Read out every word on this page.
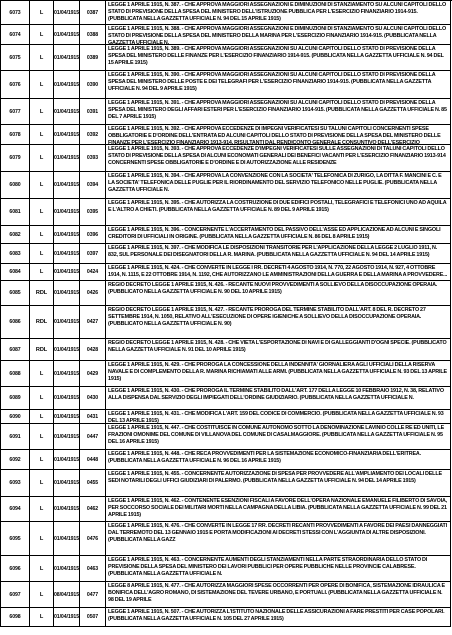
6073	L 01/04/1915 0387
LEGGE 1 APRILE 1915, N. 387. - CHE APPROVA MAGGIORI ASSEGNAZIONI E DIMINUZIONI DI STANZIAMENTO SU ALCUNI CAPITOLI DELLO STATO DI PREVISIONE DELLA SPESA DEL MINISTERO DELL'ISTRUZIONE PUBBLICA PER L'ESERCIZIO FINANZIARIO 1914-915. (PUBBLICATA NELLA GAZZETTA UFFICIALE N. 94 DEL 15 APRILE 1915)
6074	L 01/04/1915 0388
LEGGE 1 APRILE 1915, N. 388. - CHE APPROVA MAGGIORI ASSEGNAZIONI E DIMINUZIONI DI STANZIAMENTO SU ALCUNI CAPITOLI DELLO STATO DI PREVISIONE DELLA SPESA DEL MINISTERO DELLA MARINA PER L'ESERCIZIO FINANZIARIO 1914-915. (PUBBLICATA NELLA GAZZETTA UFFICIALE N.
6075	L 01/04/1915 0389
LEGGE 1 APRILE 1915, N. 389. - CHE APPROVA MAGGIORI ASSEGNAZIONI SU ALCUNI CAPITOLI DELLO STATO DI PREVISIONE DELLA SPESA DEL MINISTERO DELLE FINANZE PER L'ESERCIZIO FINANZIARIO 1914-915. (PUBBLICATA NELLA GAZZETTA UFFICIALE N. 94 DEL 15 APRILE 1915)
6076	L 01/04/1915 0390
LEGGE 1 APRILE 1915, N. 390. - CHE APPROVA MAGGIORI ASSEGNAZIONI SU ALCUNI CAPITOLI DELLO STATO DI PREVISIONE DELLA SPESA DEL MINISTERO DELLE POSTE E DEI TELEGRAFI PER L'ESERCIZIO FINANZIARIO 1914-915. (PUBBLICATA NELLA GAZZETTA UFFICIALE N. 94 DEL 9 APRILE 1915)
6077	L 01/04/1915 0391
LEGGE 1 APRILE 1915, N. 391. - CHE APPROVA MAGGIORI ASSEGNAZIONI SU ALCUNI CAPITOLI DELLO STATO DI PREVISIONE DELLA SPESA DEL MINISTERO DEGLI AFFARI ESTERI PER L'ESERCIZIO FINANZIARIO 1914-915. (PUBBLICATA NELLA GAZZETTA UFFICIALE N. 85 DEL 7 APRILE 1915)
6078	L 01/04/1915 0392
LEGGE 1 APRILE 1915, N. 392. - CHE APPROVA ECCEDENZE DI IMPEGNI VERIFICATESI SU TALUNI CAPITOLI CONCERNENTI SPESE OBBLIGATORIE E D'ORDINE DELL'ENTRATA ED ALCUNI CAPITOLI DELLO STATO DI PREVISIONE DELLA SPESA DEL MINISTERO DELLE FINANZE PER L'ESERCIZIO FINANZIARIO 1913-914, RISULTANTI DAL RENDICONTO GENERALE CONSUNTIVO DELL'ESERCIZIO
6079	L 01/04/1915 0393
LEGGE 1 APRILE 1915, N. 393. - CHE APPROVA ECCEDENZE D'IMPEGNI VERIFICATESI SULLE ASSEGNAZIONI DI TALUNI CAPITOLI DELLO STATO DI PREVISIONE DELLA SPESA DI ALCUNI ECONOMATI GENERALI DEI BENEFICI VACANTI PER L'ESERCIZIO FINANZIARIO 1913-914 CONCERNENTI SPESE OBBLIGATORIE E D'ORDINE E DI AUTORIZZAZIONE ALLE RESIDENZE
6080	L 01/04/1915 0394
LEGGE 1 APRILE 1915, N. 394. - CHE APPROVA LA CONVENZIONE CON LA SOCIETA' TELEFONICA DI ZURIGO, LA DITTA F. MANCINI E C. E LA SOCIETA' TELEFONICA DELLE PUGLIE PER IL RIORDINAMENTO DEL SERVIZIO TELEFONICO NELLE PUGLIE. (PUBBLICATA NELLA GAZZETTA UFFICIALE N.
6081	L 01/04/1915 0395
LEGGE 1 APRILE 1915, N. 395. - CHE AUTORIZZA LA COSTRUZIONE DI DUE EDIFICI POSTALI, TELEGRAFICI E TELEFONICI UNO AD AQUILA E L'ALTRO A CHIETI. (PUBBLICATA NELLA GAZZETTA UFFICIALE N. 89 DEL 9 APRILE 1915)
6082	L 01/04/1915 0396
LEGGE 1 APRILE 1915, N. 396. - CONCERNENTE L'ACCERTAMENTO DEL PASSIVO DELL'ASSE ED APPLICAZIONE AD ALCUNI E SINGOLI CREDITORI DI UFFICIALI IN ORIGINE. (PUBBLICATA NELLA GAZZETTA UFFICIALE N. 86 DEL 8 APRILE 1915)
6083	L 01/04/1915 0397
LEGGE 1 APRILE 1915, N. 397. - CHE MODIFICA LE DISPOSIZIONI TRANSITORIE PER L'APPLICAZIONE DELLA LEGGE 2 LUGLIO 1911, N. 832, SUL PERSONALE DEI DISEGNATORI DELLA R. MARINA. (PUBBLICATA NELLA GAZZETTA UFFICIALE N. 94 DEL 14 APRILE 1915)
6084	L 01/04/1915 0424
LEGGE 1 APRILE 1915, N. 424. - CHE CONVERTE IN LEGGE I RR. DECRETI 4 AGOSTO 1914, N. 770, 22 AGOSTO 1914, N. 927, 4 OTTOBRE 1914, N. 1115, E 22 OTTOBRE 1914, N. 1192, CHE AUTORIZZANO LE AMMINISTRAZIONI DELLA GUERRA E DELLA MARINA A PROVVEDERE...
6085	RDL 01/04/1915 0426
REGIO DECRETO LEGGE 1 APRILE 1915, N. 426. - RECANTE NUOVI PROVVEDIMENTI A SOLLIEVO DELLA DISOCCUPAZIONE OPERAIA. (PUBBLICATO NELLA GAZZETTA UFFICIALE N. 90 DEL 10 APRILE 1915)
6086	RDL 01/04/1915 0427
REGIO DECRETO LEGGE 1 APRILE 1915, N. 427. - RECANTE PROROGA DEL TERMINE STABILITO DALL'ART. 8 DEL R. DECRETO 27 SETTEMBRE 1914, N. 1050, RELATIVO ALL'ESECUZIONE DI OPERE IGIENICHE A SOLLIEVO DELLA DISOCCUPAZIONE OPERAIA. (PUBBLICATO NELLA GAZZETTA UFFICIALE N. 90)
6087	RDL 01/04/1915 0428
REGIO DECRETO LEGGE 1 APRILE 1915, N. 428. - CHE VIETA L'ESPORTAZIONE DI NAVI E DI GALLEGGIANTI D'OGNI SPECIE. (PUBBLICATO NELLA GAZZETTA UFFICIALE N. 91 DEL 10 APRILE 1915)
6088	L 01/04/1915 0429
LEGGE 1 APRILE 1915, N. 429. - CHE PROROGA LA CONCESSIONE DELLA INDENNITA' GIORNALIERA AGLI UFFICIALI DELLA RISERVA NAVALE E DI COMPLEMENTO DELLA R. MARINA RICHIAMATI ALLE ARMI. (PUBBLICATA NELLA GAZZETTA UFFICIALE N. 93 DEL 13 APRILE 1915)
6089	L 01/04/1915 0430
LEGGE 1 APRILE 1915, N. 430. - CHE PROROGA IL TERMINE STABILITO DALL'ART. 177 DELLA LEGGE 10 FEBBRAIO 1912, N. 38, RELATIVO ALLA DISPENSA DAL SERVIZIO DEGLI IMPIEGATI DELL'ORDINE GIUDIZIARIO. (PUBBLICATA NELLA GAZZETTA UFFICIALE N.
6090	L 01/04/1915 0431	LEGGE 1 APRILE 1915, N. 431. - CHE MODIFICA L'ART. 159 DEL CODICE DI COMMERCIO. (PUBBLICATA NELLA GAZZETTA UFFICIALE N. 93 DEL 13 APRILE 1915)
6091	L 01/04/1915 0447
LEGGE 1 APRILE 1915, N. 447. - CHE COSTITUISCE IN COMUNE AUTONOMO SOTTO LA DENOMINAZIONE LAVINIO COLLE RE ED UNITI, LE FRAZIONI OMONIME DEL COMUNE DI VILLANOVA DEL COMUNE DI CASALMAGGIORE. (PUBBLICATA NELLA GAZZETTA UFFICIALE N. 95 DEL 16 APRILE 1915)
6092	L 01/04/1915 0448
LEGGE 1 APRILE 1915, N. 448. - CHE RECA PROVVEDIMENTI PER LA SISTEMAZIONE ECONOMICO-FINANZIARIA DELL'ERITREA. (PUBBLICATA NELLA GAZZETTA UFFICIALE N. 96 DEL 16 APRILE 1915)
6093	L 01/04/1915 0455
LEGGE 1 APRILE 1915, N. 455. - CONCERNENTE AUTORIZZAZIONE DI SPESA PER PROVVEDERE ALL'AMPLIAMENTO DEI LOCALI DELLE SEDI NOTARILI DEGLI UFFICI GIUDIZIARI DI PALERMO. (PUBBLICATA NELLA GAZZETTA UFFICIALE N. 94 DEL 14 APRILE 1915)
6094	L 01/04/1915 0462
LEGGE 1 APRILE 1915, N. 462. - CONTENENTE ESENZIONI FISCALI A FAVORE DELL'OPERA NAZIONALE EMANUELE FILIBERTO DI SAVOIA, PER SOCCORSO SOCIALE DEI MILITARI MORTI NELLA CAMPAGNA DELLA LIBIA. (PUBBLICATA NELLA GAZZETTA UFFICIALE N. 99 DEL 21 APRILE 1915)
6095	L 01/04/1915 0476
LEGGE 1 APRILE 1915, N. 476. - CHE CONVERTE IN LEGGE 17 RR. DECRETI RECANTI PROVVEDIMENTI A FAVORE DEI PAESI DANNEGGIATI DAL TERREMOTO DEL 13 GENNAIO 1915 E PORTA MODIFICAZIONI AI DECRETI STESSI CON L'AGGIUNTA DI ALTRE DISPOSIZIONI. (PUBBLICATA NELLA GAZZ
6096	L 01/04/1915 0463
LEGGE 1 APRILE 1915, N. 463. - CONCERNENTE AUMENTI DEGLI STANZIAMENTI NELLA PARTE STRAORDINARIA DELLO STATO DI PREVISIONE DELLA SPESA DEL MINISTERO DEI LAVORI PUBBLICI PER OPERE PUBBLICHE NELLE PROVINCIE CALABRESE. (PUBBLICATA NELLA GAZZETTA UFFICIALE N.
6097	L 08/04/1915 0477
LEGGE 8 APRILE 1915, N. 477. - CHE AUTORIZZA MAGGIORI SPESE OCCORRENTI PER OPERE DI BONIFICA, SISTEMAZIONE IDRAULICA E BONIFICA DELL'AGRO ROMANO, DI SISTEMAZIONE DEL TEVERE URBANO, E PORTUALI. (PUBBLICATA NELLA GAZZETTA UFFICIALE N. 98 DEL 19 APRILE
6098	L 01/04/1915 0507
LEGGE 1 APRILE 1915, N. 507. - CHE AUTORIZZA L'ISTITUTO NAZIONALE DELLE ASSICURAZIONI A FARE PRESTITI PER CASE POPOLARI. (PUBBLICATA NELLA GAZZETTA UFFICIALE N. 105 DEL 27 APRILE 1915)
